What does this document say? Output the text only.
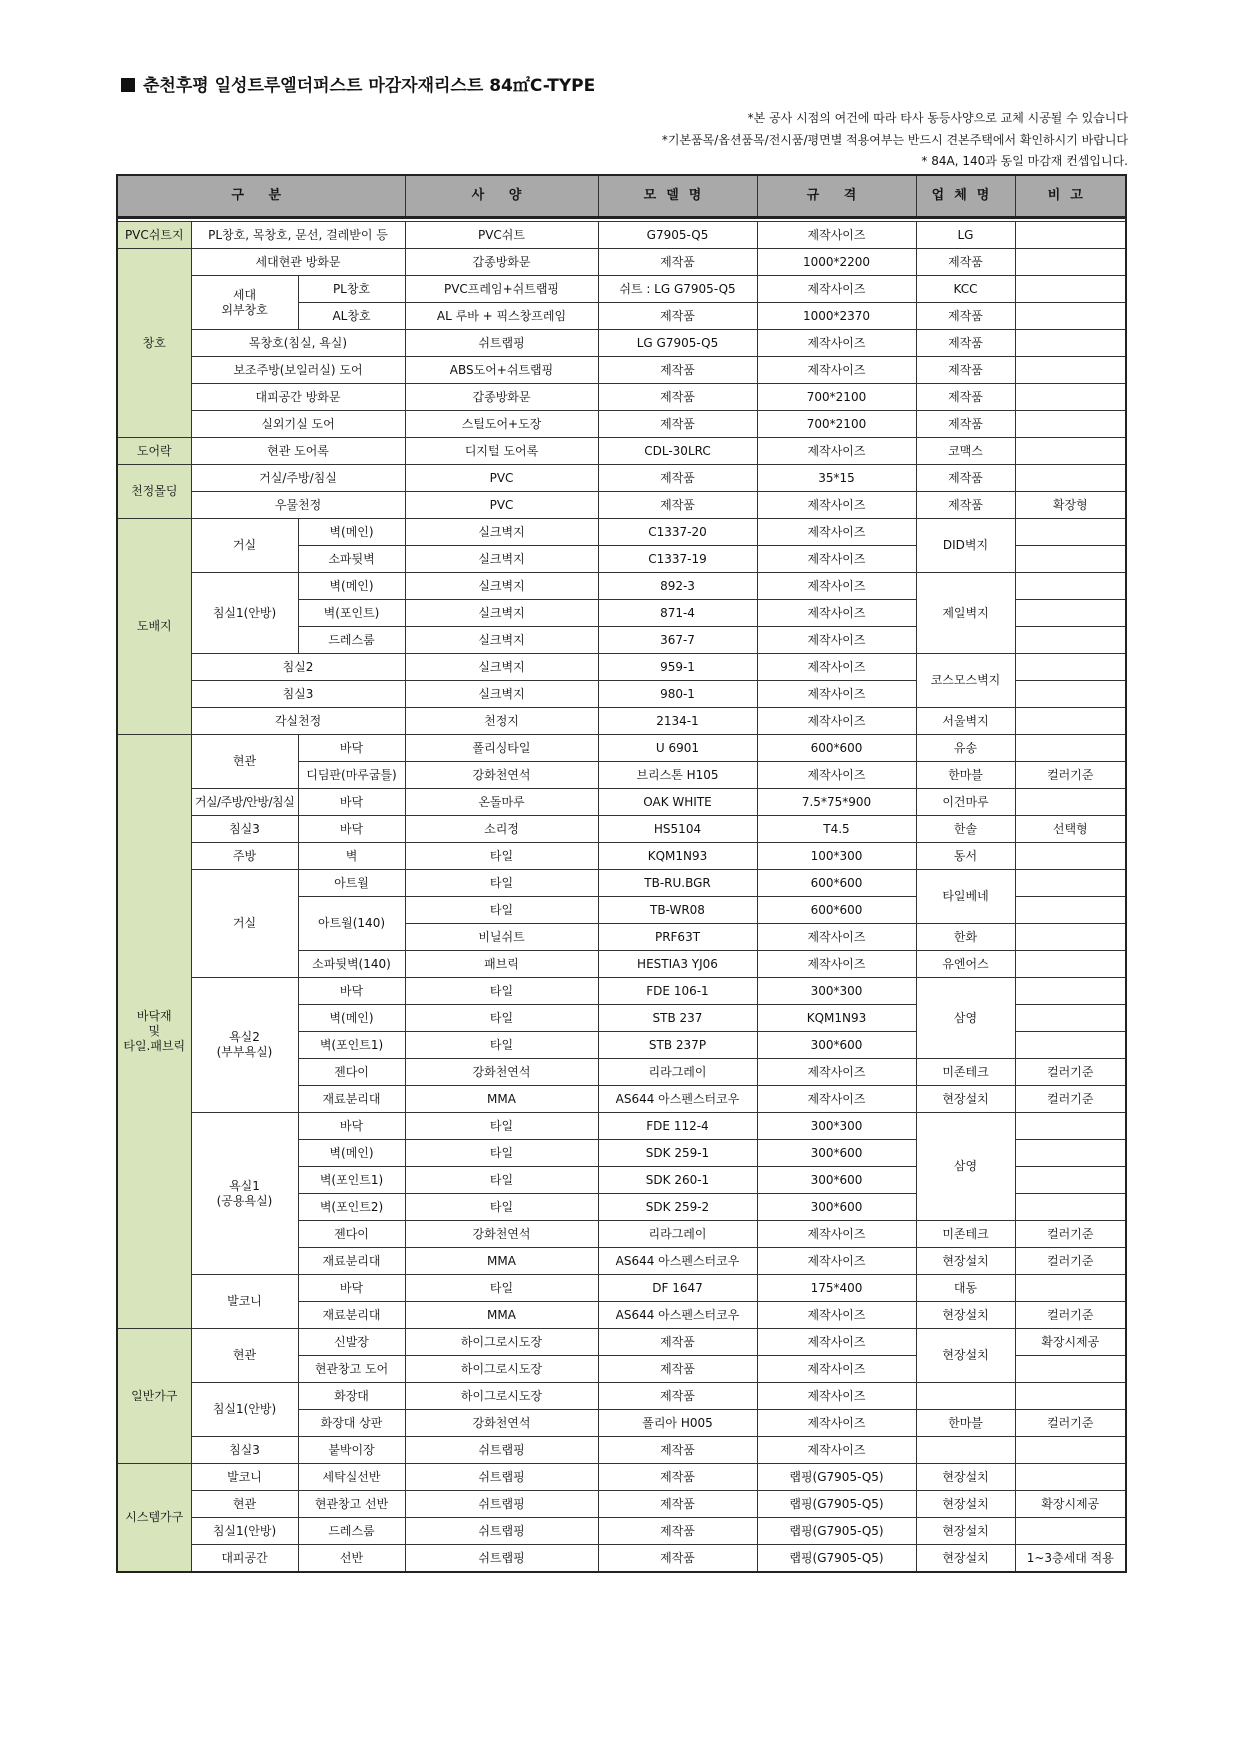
춘천후평 일성트루엘더퍼스트 마감자재리스트 84㎡C-TYPE
*본 공사 시점의 여건에 따라 타사 동등사양으로 교체 시공될 수 있습니다
*기본품목/옵션품목/전시품/평면별 적용여부는 반드시 견본주택에서 확인하시기 바랍니다
* 84A, 140과 동일 마감재 컨셉입니다.
구 분			사 양	모델명	규 격	업체명	비고

PVC쉬트지	PL창호, 목창호, 문선, 걸레받이 등		PVC쉬트	G7905-Q5	제작사이즈	LG	
창호	세대현관 방화문		갑종방화문	제작품	1000*2200	제작품	
	세대
외부창호	PL창호	PVC프레임+쉬트랩핑	쉬트 : LG G7905-Q5	제작사이즈	KCC	
		AL창호	AL 루바 + 픽스창프레임	제작품	1000*2370	제작품	
	목창호(침실, 욕실)		쉬트랩핑	LG G7905-Q5	제작사이즈	제작품	
	보조주방(보일러실) 도어		ABS도어+쉬트랩핑	제작품	제작사이즈	제작품	
	대피공간 방화문		갑종방화문	제작품	700*2100	제작품	
	실외기실 도어		스틸도어+도장	제작품	700*2100	제작품	
도어락	현관 도어록		디지털 도어록	CDL-30LRC	제작사이즈	코맥스	
천정몰딩	거실/주방/침실		PVC	제작품	35*15	제작품	
	우물천정		PVC	제작품	제작사이즈	제작품	확장형
도배지	거실	벽(메인)	실크벽지	C1337-20	제작사이즈	DID벽지	
		소파뒷벽	실크벽지	C1337-19	제작사이즈		
	침실1(안방)	벽(메인)	실크벽지	892-3	제작사이즈	제일벽지	
		벽(포인트)	실크벽지	871-4	제작사이즈		
		드레스룸	실크벽지	367-7	제작사이즈		
	침실2		실크벽지	959-1	제작사이즈	코스모스벽지	
	침실3		실크벽지	980-1	제작사이즈		
	각실천정		천정지	2134-1	제작사이즈	서울벽지	
바닥재
및
타일.패브릭	현관	바닥	폴리싱타일	U 6901	600*600	유송	
		디딤판(마루굽틀)	강화천연석	브리스톤 H105	제작사이즈	한마블	컬러기준
	거실/주방/안방/침실	바닥	온돌마루	OAK WHITE	7.5*75*900	이건마루	
	침실3	바닥	소리정	HS5104	T4.5	한솔	선택형
	주방	벽	타일	KQM1N93	100*300	동서	
	거실	아트월	타일	TB-RU.BGR	600*600	타일베네	
		아트월(140)	타일	TB-WR08	600*600		
			비닐쉬트	PRF63T	제작사이즈	한화	
		소파뒷벽(140)	패브릭	HESTIA3 YJ06	제작사이즈	유엔어스	
	욕실2
(부부욕실)	바닥	타일	FDE 106-1	300*300	삼영	
		벽(메인)	타일	STB 237	KQM1N93		
		벽(포인트1)	타일	STB 237P	300*600		
		젠다이	강화천연석	리라그레이	제작사이즈	미존테크	컬러기준
		재료분리대	MMA	AS644 아스펜스터코우	제작사이즈	현장설치	컬러기준
	욕실1
(공용욕실)	바닥	타일	FDE 112-4	300*300	삼영	
		벽(메인)	타일	SDK 259-1	300*600		
		벽(포인트1)	타일	SDK 260-1	300*600		
		벽(포인트2)	타일	SDK 259-2	300*600		
		젠다이	강화천연석	리라그레이	제작사이즈	미존테크	컬러기준
		재료분리대	MMA	AS644 아스펜스터코우	제작사이즈	현장설치	컬러기준
	발코니	바닥	타일	DF 1647	175*400	대동	
		재료분리대	MMA	AS644 아스펜스터코우	제작사이즈	현장설치	컬러기준
일반가구	현관	신발장	하이그로시도장	제작품	제작사이즈	현장설치	확장시제공
		현관창고 도어	하이그로시도장	제작품	제작사이즈		
	침실1(안방)	화장대	하이그로시도장	제작품	제작사이즈		
		화장대 상판	강화천연석	폴리아 H005	제작사이즈	한마블	컬러기준
	침실3	붙박이장	쉬트랩핑	제작품	제작사이즈		
시스템가구	발코니	세탁실선반	쉬트랩핑	제작품	랩핑(G7905-Q5)	현장설치	
	현관	현관창고 선반	쉬트랩핑	제작품	랩핑(G7905-Q5)	현장설치	확장시제공
	침실1(안방)	드레스룸	쉬트랩핑	제작품	랩핑(G7905-Q5)	현장설치	
	대피공간	선반	쉬트랩핑	제작품	랩핑(G7905-Q5)	현장설치	1~3층세대 적용
